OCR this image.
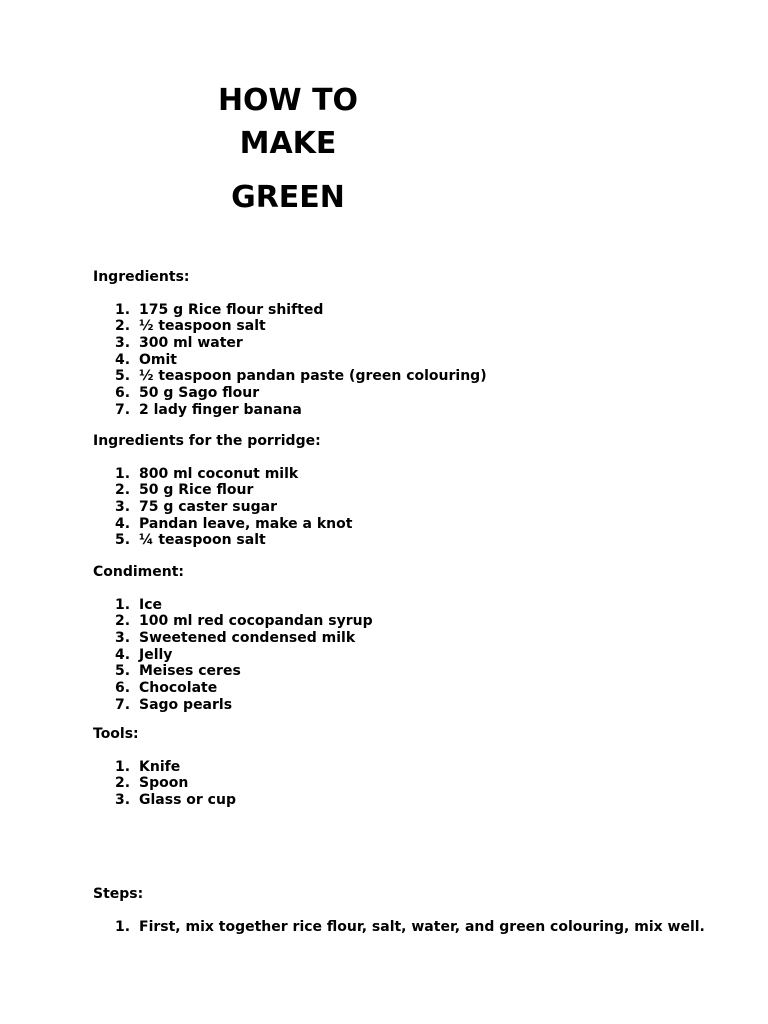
HOW TO
MAKE
GREEN
Ingredients:
1. 175 g Rice flour shifted
2. ½ teaspoon salt
3. 300 ml water
4. Omit
5. ½ teaspoon pandan paste (green colouring)
6. 50 g Sago flour
7. 2 lady finger banana
Ingredients for the porridge:
1. 800 ml coconut milk
2. 50 g Rice flour
3. 75 g caster sugar
4. Pandan leave, make a knot
5. ¼ teaspoon salt
Condiment:
1. Ice
2. 100 ml red cocopandan syrup
3. Sweetened condensed milk
4. Jelly
5. Meises ceres
6. Chocolate
7. Sago pearls
Tools:
1. Knife
2. Spoon
3. Glass or cup
Steps:
1. First, mix together rice flour, salt, water, and green colouring, mix well.
